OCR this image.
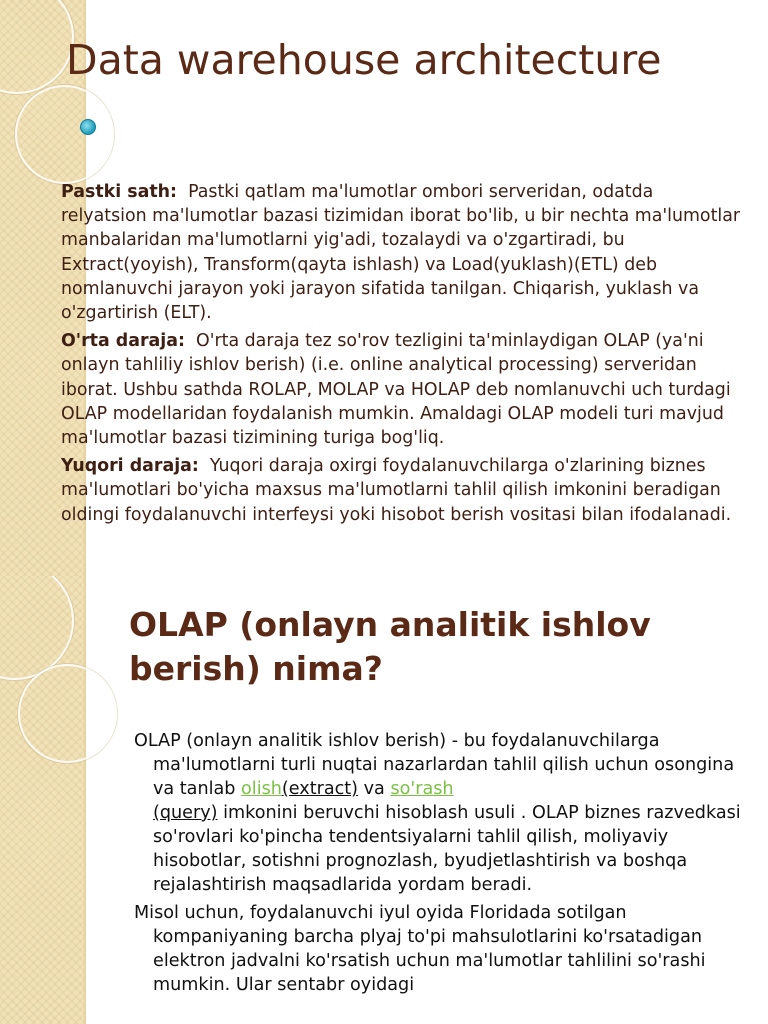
Data warehouse architecture

Pastki sath: Pastki qatlam ma'lumotlar ombori serveridan, odatda relyatsion ma'lumotlar bazasi tizimidan iborat bo'lib, u bir nechta ma'lumotlar manbalaridan ma'lumotlarni yig'adi, tozalaydi va o'zgartiradi, bu Extract(yoyish), Transform(qayta ishlash) va Load(yuklash)(ETL) deb nomlanuvchi jarayon yoki jarayon sifatida tanilgan. Chiqarish, yuklash va o'zgartirish (ELT).

O'rta daraja: O'rta daraja tez so'rov tezligini ta'minlaydigan OLAP (ya'ni onlayn tahliliy ishlov berish) (i.e. online analytical processing) serveridan iborat. Ushbu sathda ROLAP, MOLAP va HOLAP deb nomlanuvchi uch turdagi OLAP modellaridan foydalanish mumkin. Amaldagi OLAP modeli turi mavjud ma'lumotlar bazasi tizimining turiga bog'liq.

Yuqori daraja: Yuqori daraja oxirgi foydalanuvchilarga o'zlarining biznes ma'lumotlari bo'yicha maxsus ma'lumotlarni tahlil qilish imkonini beradigan oldingi foydalanuvchi interfeysi yoki hisobot berish vositasi bilan ifodalanadi.

OLAP (onlayn analitik ishlov berish) nima?

OLAP (onlayn analitik ishlov berish) - bu foydalanuvchilarga ma'lumotlarni turli nuqtai nazarlardan tahlil qilish uchun osongina va tanlab olish(extract) va so'rash
(query) imkonini beruvchi hisoblash usuli . OLAP biznes razvedkasi so'rovlari ko'pincha tendentsiyalarni tahlil qilish, moliyaviy hisobotlar, sotishni prognozlash, byudjetlashtirish va boshqa rejalashtirish maqsadlarida yordam beradi.

Misol uchun, foydalanuvchi iyul oyida Floridada sotilgan kompaniyaning barcha plyaj to'pi mahsulotlarini ko'rsatadigan elektron jadvalni ko'rsatish uchun ma'lumotlar tahlilini so'rashi mumkin. Ular sentabr oyidagi
